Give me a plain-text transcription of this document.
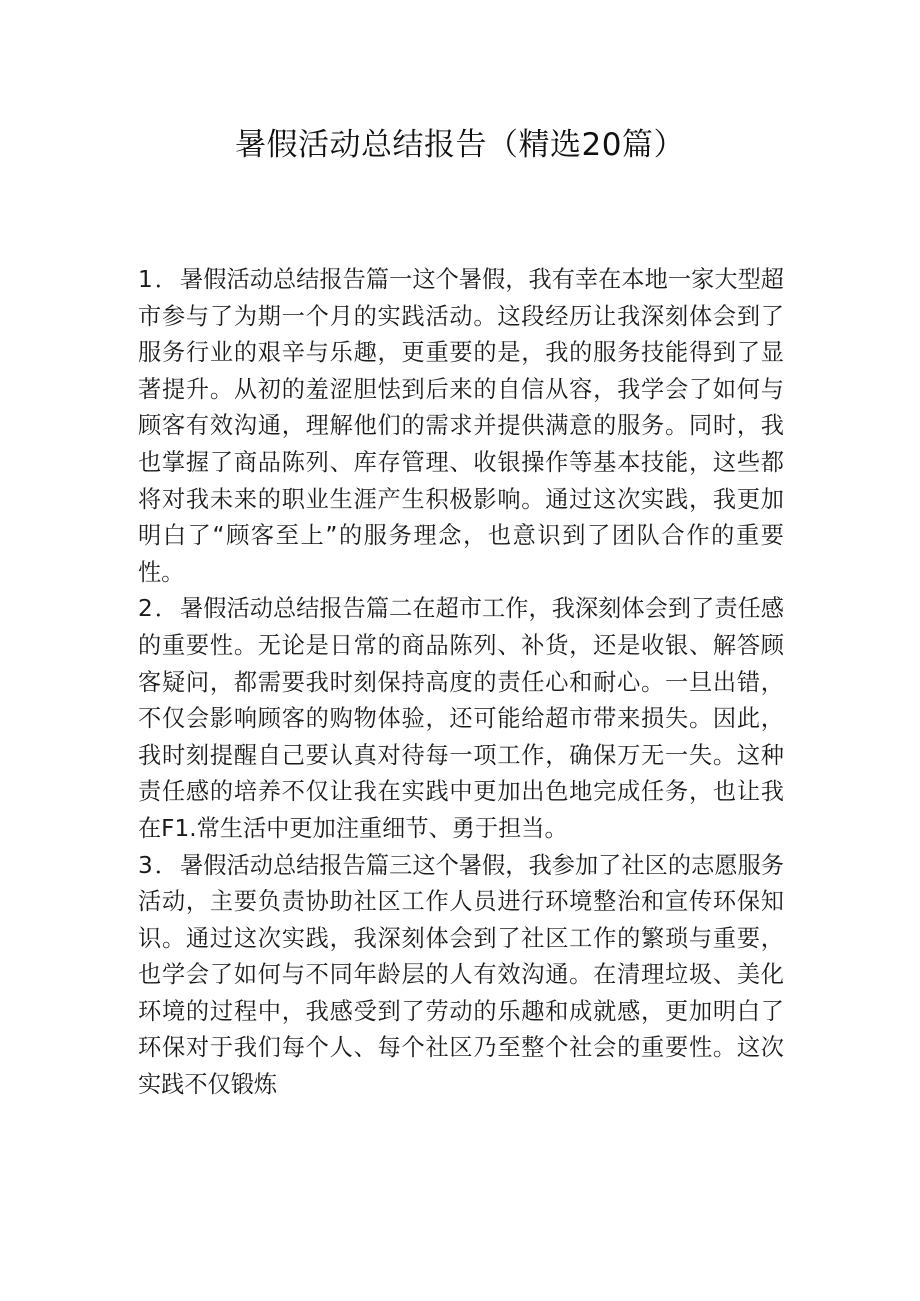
暑假活动总结报告（精选20篇）

1．暑假活动总结报告篇一这个暑假，我有幸在本地一家大型超市参与了为期一个月的实践活动。这段经历让我深刻体会到了服务行业的艰辛与乐趣，更重要的是，我的服务技能得到了显著提升。从初的羞涩胆怯到后来的自信从容，我学会了如何与顾客有效沟通，理解他们的需求并提供满意的服务。同时，我也掌握了商品陈列、库存管理、收银操作等基本技能，这些都将对我未来的职业生涯产生积极影响。通过这次实践，我更加明白了“顾客至上”的服务理念，也意识到了团队合作的重要性。

2．暑假活动总结报告篇二在超市工作，我深刻体会到了责任感的重要性。无论是日常的商品陈列、补货，还是收银、解答顾客疑问，都需要我时刻保持高度的责任心和耐心。一旦出错，不仅会影响顾客的购物体验，还可能给超市带来损失。因此，我时刻提醒自己要认真对待每一项工作，确保万无一失。这种责任感的培养不仅让我在实践中更加出色地完成任务，也让我在F1.常生活中更加注重细节、勇于担当。

3．暑假活动总结报告篇三这个暑假，我参加了社区的志愿服务活动，主要负责协助社区工作人员进行环境整治和宣传环保知识。通过这次实践，我深刻体会到了社区工作的繁琐与重要，也学会了如何与不同年龄层的人有效沟通。在清理垃圾、美化环境的过程中，我感受到了劳动的乐趣和成就感，更加明白了环保对于我们每个人、每个社区乃至整个社会的重要性。这次实践不仅锻炼
